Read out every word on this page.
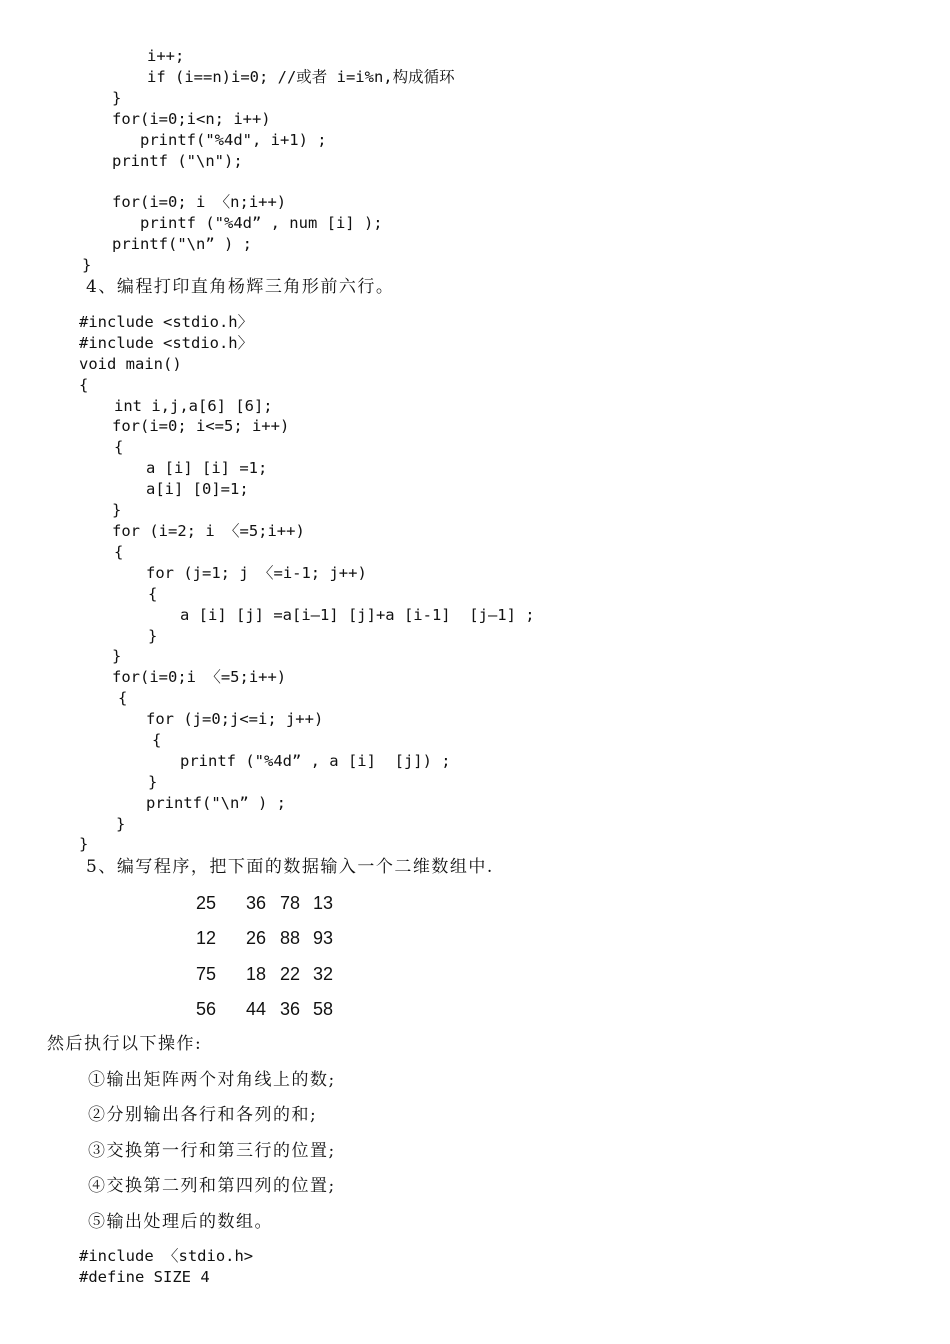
i++;
if (i==n)i=0; //或者 i=i%n,构成循环
}
for(i=0;i<n; i++)
printf("%4d", i+1) ;
printf ("\n");
for(i=0; i 〈n;i++)
printf ("%4d” , num [i] );
printf("\n” ) ;
}
4、编程打印直角杨辉三角形前六行。
#include <stdio.h〉
#include <stdio.h〉
void main()
{
int i,j,a[6] [6];
for(i=0; i<=5; i++)
{
a [i] [i] =1;
a[i] [0]=1;
}
for (i=2; i 〈=5;i++)
{
for (j=1; j 〈=i-1; j++)
{
a [i] [j] =a[i—1] [j]+a [i-1]  [j—1] ;
}
}
for(i=0;i 〈=5;i++)
{
for (j=0;j<=i; j++)
{
printf ("%4d” , a [i]  [j]) ;
}
printf("\n” ) ;
}
}
5、编写程序，把下面的数据输入一个二维数组中.
25 36 78 13
12 26 88 93
75 18 22 32
56 44 36 58
然后执行以下操作:
①输出矩阵两个对角线上的数;
②分别输出各行和各列的和;
③交换第一行和第三行的位置;
④交换第二列和第四列的位置;
⑤输出处理后的数组。
#include 〈stdio.h>
#define SIZE 4
